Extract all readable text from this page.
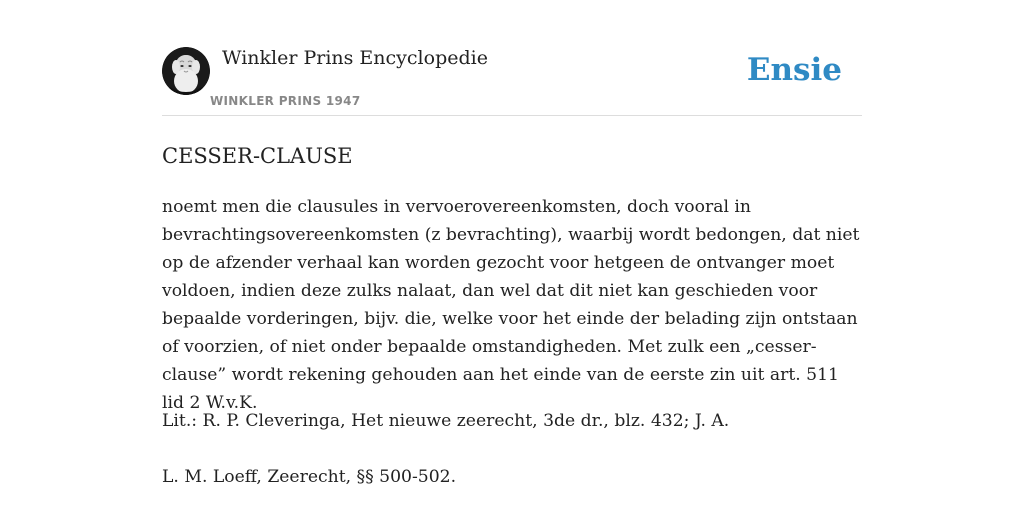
Winkler Prins Encyclopedie
WINKLER PRINS 1947
Ensie
CESSER-CLAUSE

noemt men die clausules in vervoerovereenkomsten, doch vooral in bevrachtingsovereenkomsten (z bevrachting), waarbij wordt bedongen, dat niet op de afzender verhaal kan worden gezocht voor hetgeen de ontvanger moet voldoen, indien deze zulks nalaat, dan wel dat dit niet kan geschieden voor bepaalde vorderingen, bijv. die, welke voor het einde der belading zijn ontstaan of voorzien, of niet onder bepaalde omstandigheden. Met zulk een „cesser-clause” wordt rekening gehouden aan het einde van de eerste zin uit art. 511 lid 2 W.v.K.

Lit.: R. P. Cleveringa, Het nieuwe zeerecht, 3de dr., blz. 432; J. A.

L. M. Loeff, Zeerecht, §§ 500-502.
